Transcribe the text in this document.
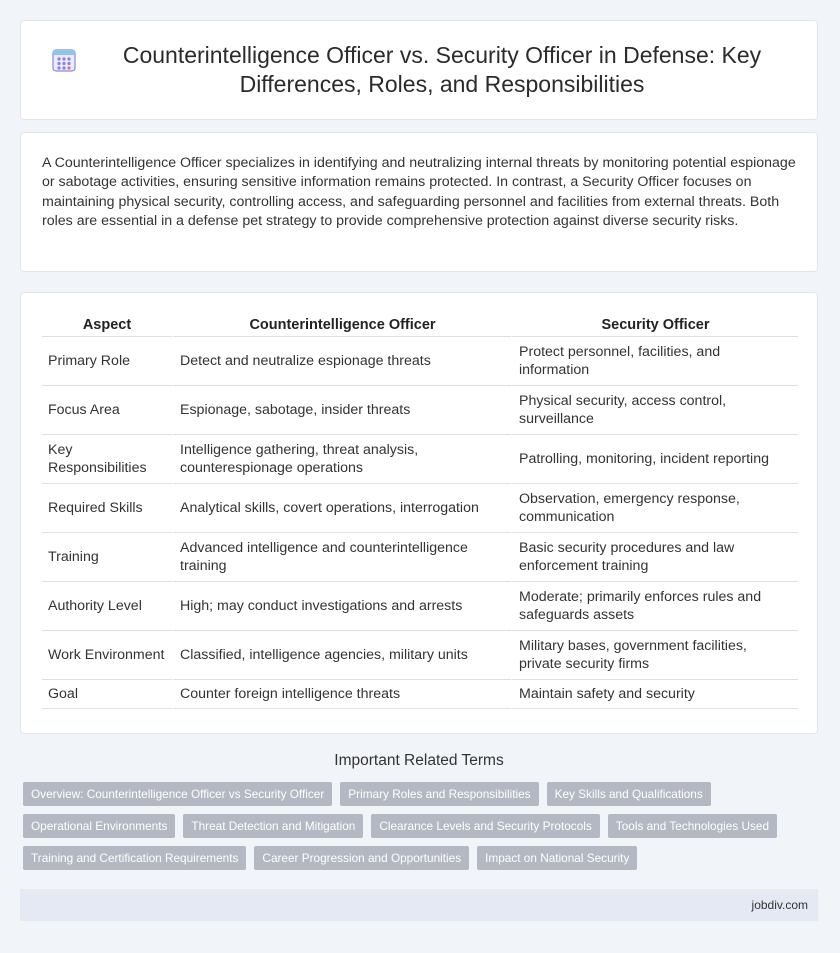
Counterintelligence Officer vs. Security Officer in Defense: Key Differences, Roles, and Responsibilities

A Counterintelligence Officer specializes in identifying and neutralizing internal threats by monitoring potential espionage or sabotage activities, ensuring sensitive information remains protected. In contrast, a Security Officer focuses on maintaining physical security, controlling access, and safeguarding personnel and facilities from external threats. Both roles are essential in a defense pet strategy to provide comprehensive protection against diverse security risks.

Aspect	Counterintelligence Officer	Security Officer
Primary Role	Detect and neutralize espionage threats	Protect personnel, facilities, and information
Focus Area	Espionage, sabotage, insider threats	Physical security, access control, surveillance
Key Responsibilities	Intelligence gathering, threat analysis, counterespionage operations	Patrolling, monitoring, incident reporting
Required Skills	Analytical skills, covert operations, interrogation	Observation, emergency response, communication
Training	Advanced intelligence and counterintelligence training	Basic security procedures and law enforcement training
Authority Level	High; may conduct investigations and arrests	Moderate; primarily enforces rules and safeguards assets
Work Environment	Classified, intelligence agencies, military units	Military bases, government facilities, private security firms
Goal	Counter foreign intelligence threats	Maintain safety and security
Important Related Terms
Overview: Counterintelligence Officer vs Security Officer	Primary Roles and Responsibilities	Key Skills and Qualifications
Operational Environments	Threat Detection and Mitigation	Clearance Levels and Security Protocols	Tools and Technologies Used
Training and Certification Requirements	Career Progression and Opportunities	Impact on National Security
jobdiv.com
